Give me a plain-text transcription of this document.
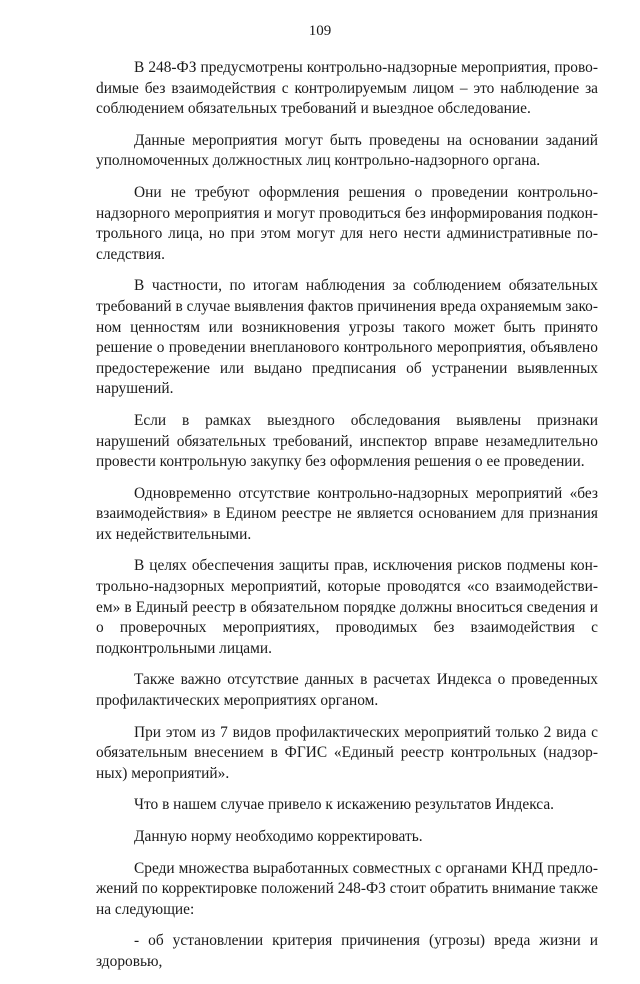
109

В 248-ФЗ предусмотрены контрольно-надзорные мероприятия, провоdимые без взаимодействия с контролируемым лицом – это наблюдение за соблюдением обязательных требований и выездное обследование.

Данные мероприятия могут быть проведены на основании заданий уполномоченных должностных лиц контрольно-надзорного органа.

Они не требуют оформления решения о проведении контрольно-надзорного мероприятия и могут проводиться без информирования подконтрольного лица, но при этом могут для него нести административные последствия.

В частности, по итогам наблюдения за соблюдением обязательных требований в случае выявления фактов причинения вреда охраняемым законом ценностям или возникновения угрозы такого может быть принято решение о проведении внепланового контрольного мероприятия, объявлено предостережение или выдано предписания об устранении выявленных нарушений.

Если в рамках выездного обследования выявлены признаки нарушений обязательных требований, инспектор вправе незамедлительно провести контрольную закупку без оформления решения о ее проведении.

Одновременно отсутствие контрольно-надзорных мероприятий «без взаимодействия» в Едином реестре не является основанием для признания их недействительными.

В целях обеспечения защиты прав, исключения рисков подмены контрольно-надзорных мероприятий, которые проводятся «со взаимодействием» в Единый реестр в обязательном порядке должны вноситься сведения и о проверочных мероприятиях, проводимых без взаимодействия с подконтрольными лицами.

Также важно отсутствие данных в расчетах Индекса о проведенных профилактических мероприятиях органом.

При этом из 7 видов профилактических мероприятий только 2 вида с обязательным внесением в ФГИС «Единый реестр контрольных (надзорных) мероприятий».

Что в нашем случае привело к искажению результатов Индекса.

Данную норму необходимо корректировать.

Среди множества выработанных совместных с органами КНД предложений по корректировке положений 248-ФЗ стоит обратить внимание также на следующие:

- об установлении критерия причинения (угрозы) вреда жизни и здоровью,
